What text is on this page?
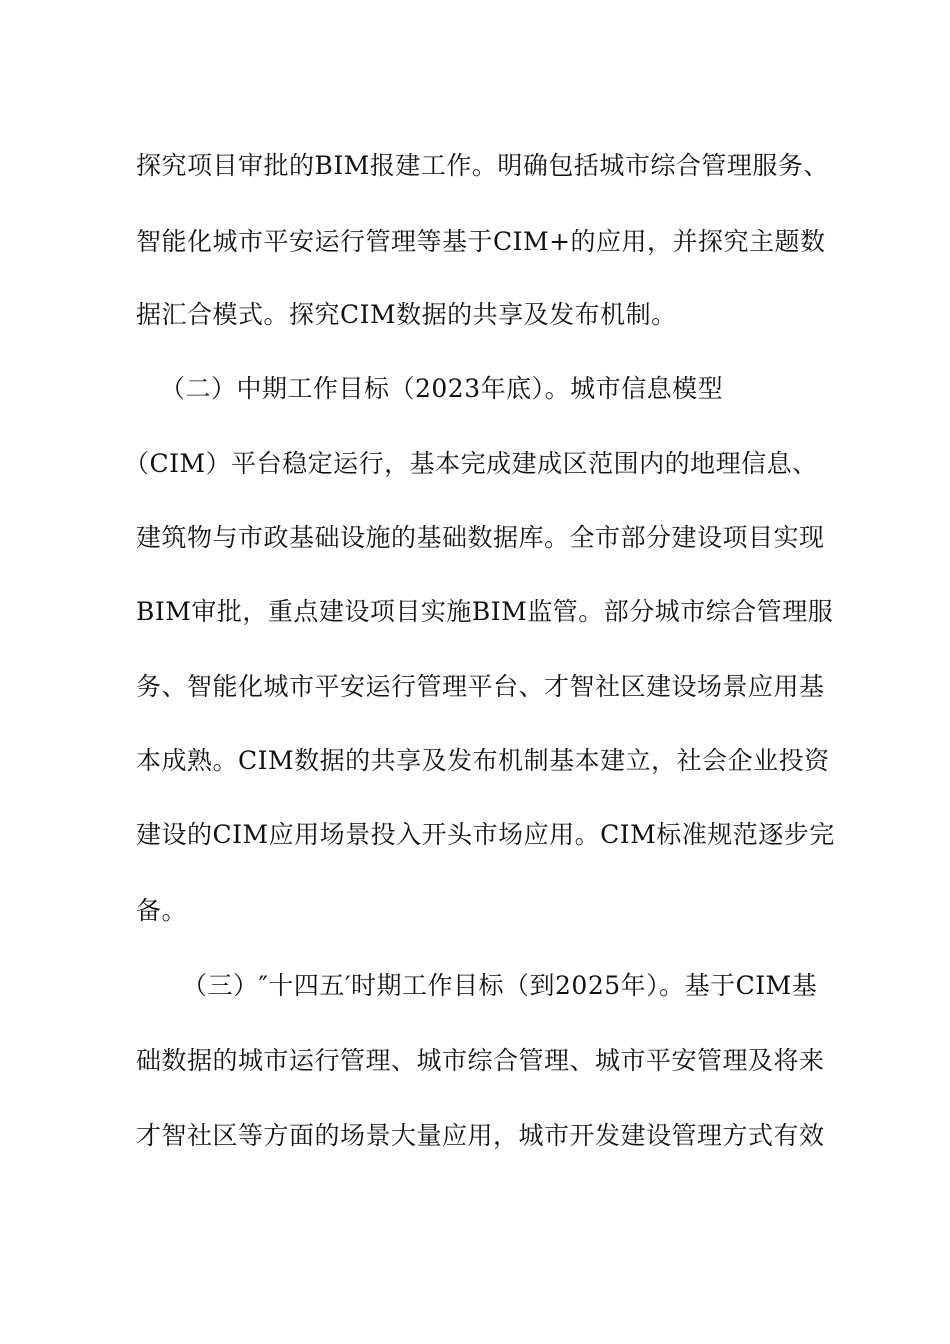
探究项目审批的BIM报建工作。明确包括城市综合管理服务、
智能化城市平安运行管理等基于CIM+的应用，并探究主题数
据汇合模式。探究CIM数据的共享及发布机制。
（二）中期工作目标（2023年底）。城市信息模型
（CIM）平台稳定运行，基本完成建成区范围内的地理信息、
建筑物与市政基础设施的基础数据库。全市部分建设项目实现
BIM审批，重点建设项目实施BIM监管。部分城市综合管理服
务、智能化城市平安运行管理平台、才智社区建设场景应用基
本成熟。CIM数据的共享及发布机制基本建立，社会企业投资
建设的CIM应用场景投入开头市场应用。CIM标准规范逐步完
备。
（三）″十四五′时期工作目标（到2025年）。基于CIM基
础数据的城市运行管理、城市综合管理、城市平安管理及将来
才智社区等方面的场景大量应用，城市开发建设管理方式有效
